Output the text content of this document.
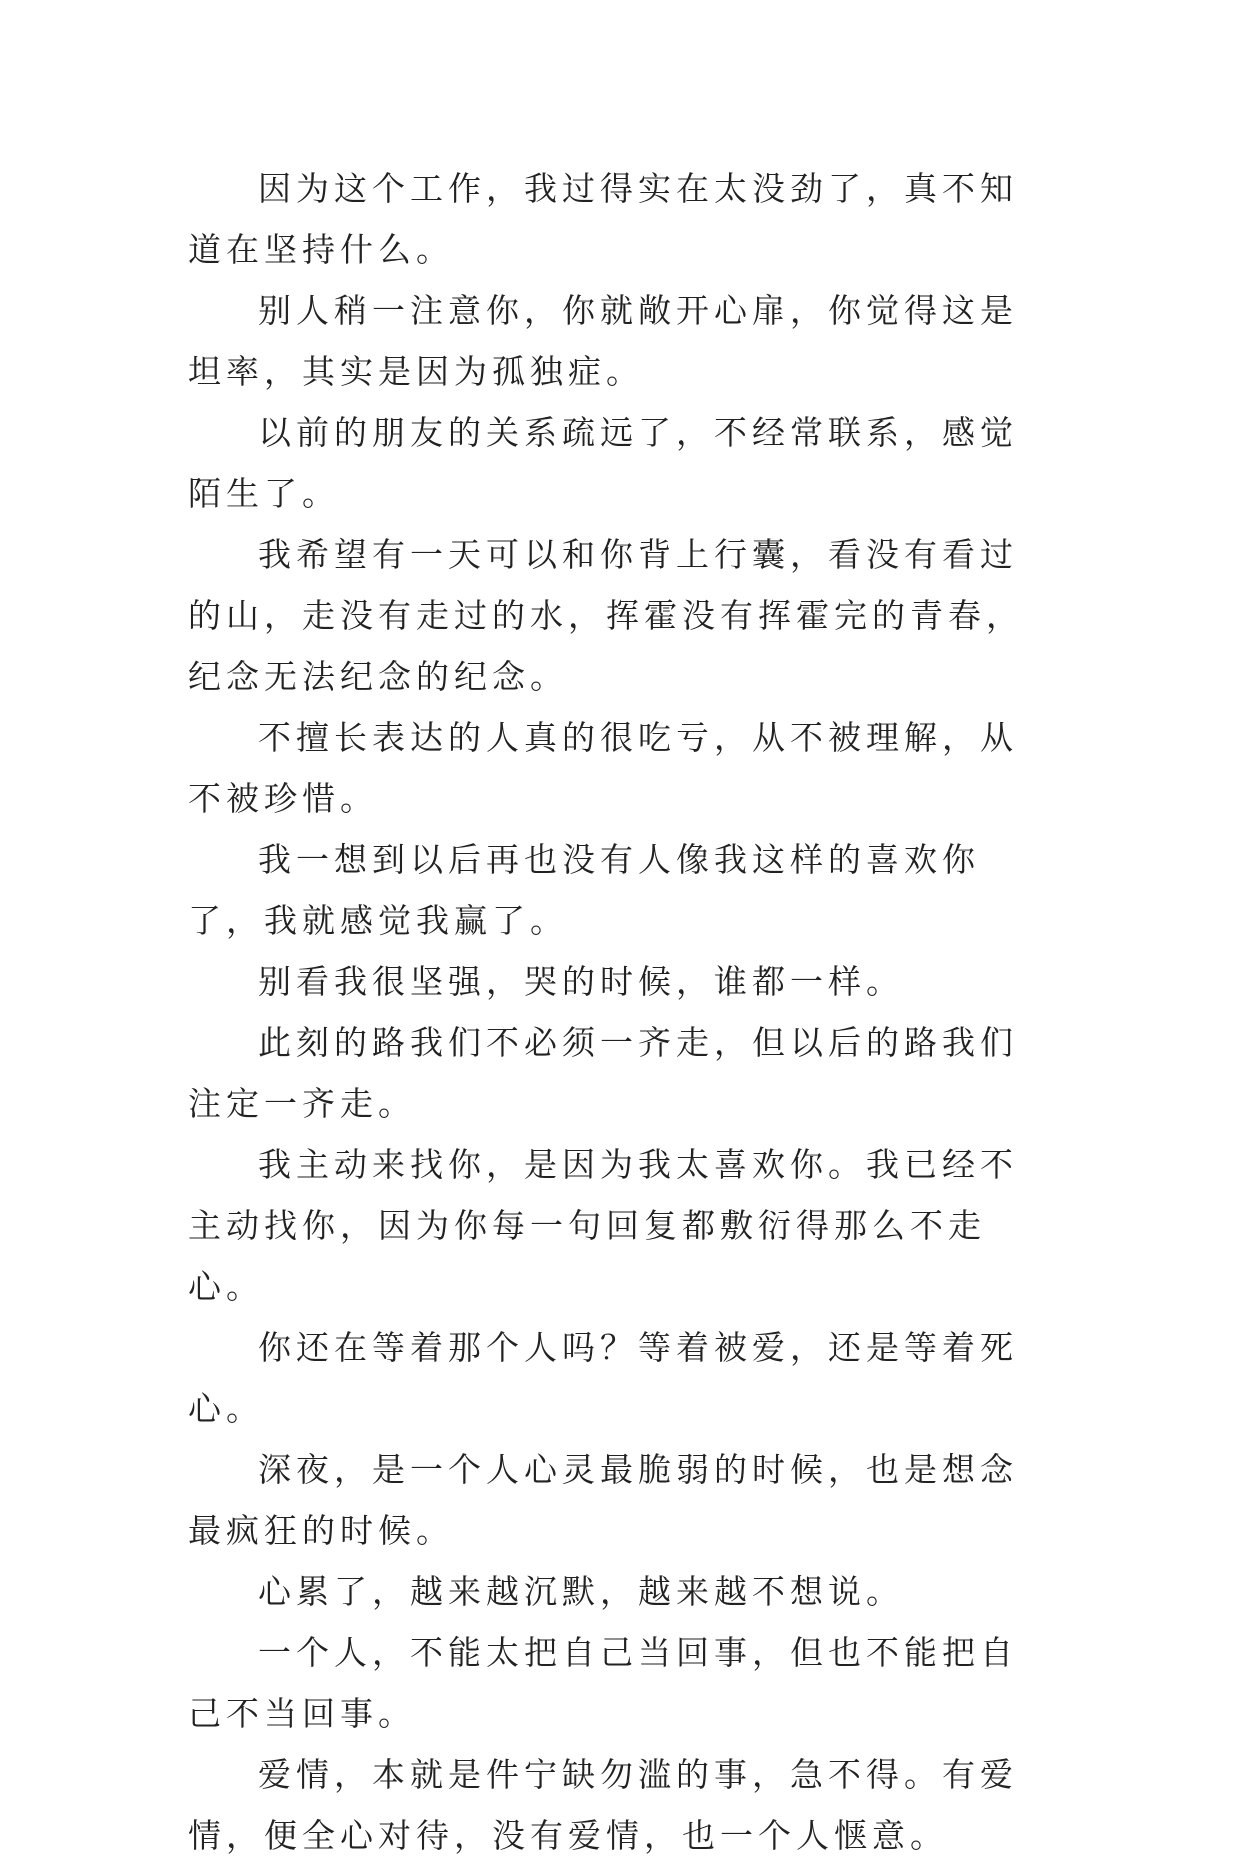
因为这个工作，我过得实在太没劲了，真不知道在坚持什么。

别人稍一注意你，你就敞开心扉，你觉得这是坦率，其实是因为孤独症。

以前的朋友的关系疏远了，不经常联系，感觉陌生了。

我希望有一天可以和你背上行囊，看没有看过的山，走没有走过的水，挥霍没有挥霍完的青春，纪念无法纪念的纪念。

不擅长表达的人真的很吃亏，从不被理解，从不被珍惜。

我一想到以后再也没有人像我这样的喜欢你了，我就感觉我赢了。

别看我很坚强，哭的时候，谁都一样。

此刻的路我们不必须一齐走，但以后的路我们注定一齐走。

我主动来找你，是因为我太喜欢你。我已经不主动找你，因为你每一句回复都敷衍得那么不走心。

你还在等着那个人吗？等着被爱，还是等着死心。

深夜，是一个人心灵最脆弱的时候，也是想念最疯狂的时候。

心累了，越来越沉默，越来越不想说。

一个人，不能太把自己当回事，但也不能把自己不当回事。

爱情，本就是件宁缺勿滥的事，急不得。有爱情，便全心对待，没有爱情，也一个人惬意。
